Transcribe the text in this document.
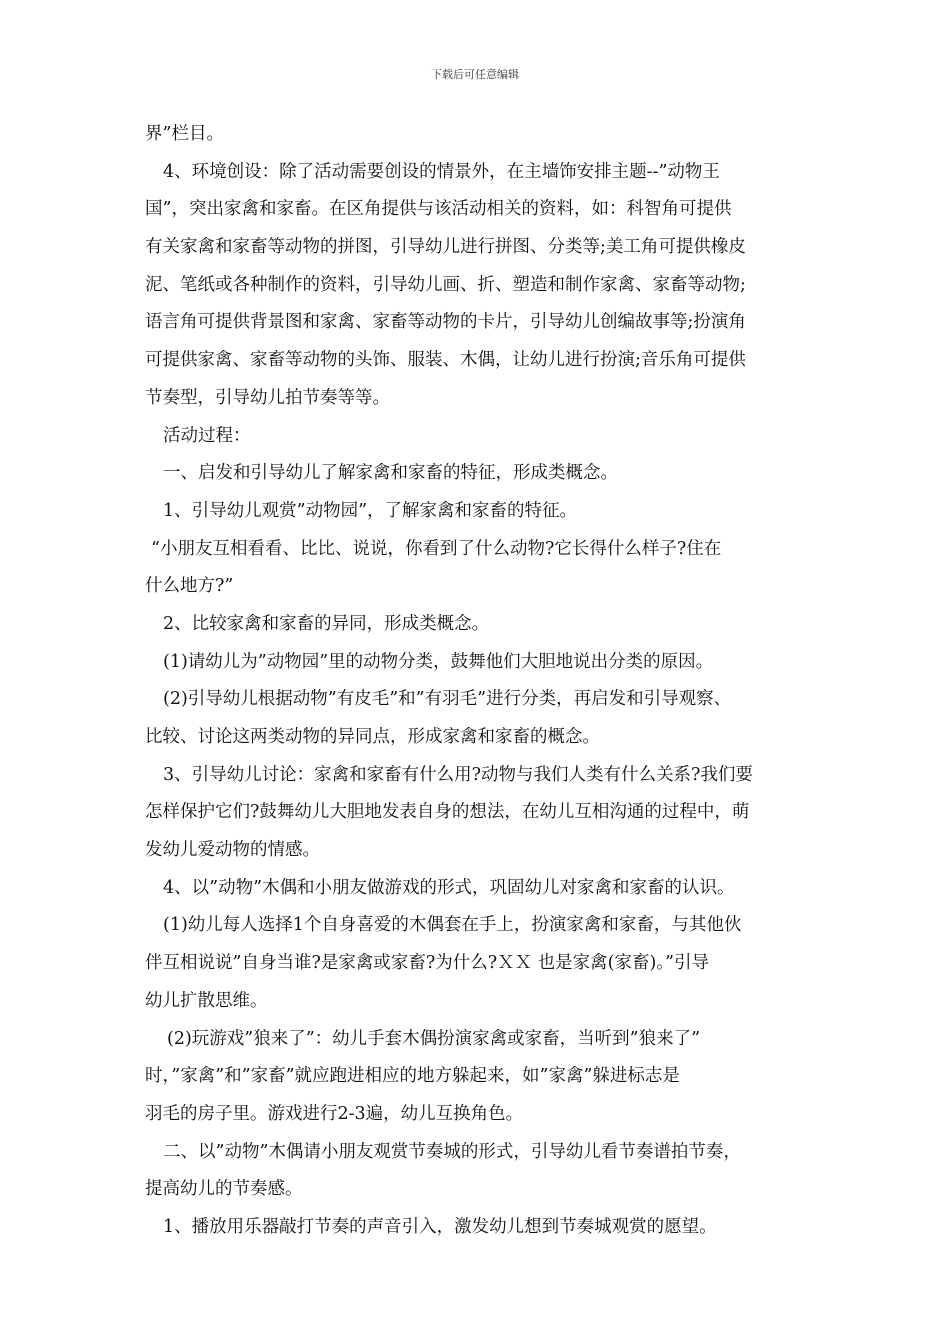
下载后可任意编辑
界”栏目。
4、环境创设：除了活动需要创设的情景外，在主墙饰安排主题--”动物王
国”，突出家禽和家畜。在区角提供与该活动相关的资料，如：科智角可提供
有关家禽和家畜等动物的拼图，引导幼儿进行拼图、分类等;美工角可提供橡皮
泥、笔纸或各种制作的资料，引导幼儿画、折、塑造和制作家禽、家畜等动物;
语言角可提供背景图和家禽、家畜等动物的卡片，引导幼儿创编故事等;扮演角
可提供家禽、家畜等动物的头饰、服装、木偶，让幼儿进行扮演;音乐角可提供
节奏型，引导幼儿拍节奏等等。
活动过程：
一、启发和引导幼儿了解家禽和家畜的特征，形成类概念。
1、引导幼儿观赏”动物园”，了解家禽和家畜的特征。
“小朋友互相看看、比比、说说，你看到了什么动物?它长得什么样子?住在
什么地方?”
2、比较家禽和家畜的异同，形成类概念。
(1)请幼儿为”动物园”里的动物分类，鼓舞他们大胆地说出分类的原因。
(2)引导幼儿根据动物”有皮毛”和”有羽毛”进行分类，再启发和引导观察、
比较、讨论这两类动物的异同点，形成家禽和家畜的概念。
3、引导幼儿讨论：家禽和家畜有什么用?动物与我们人类有什么关系?我们要
怎样保护它们?鼓舞幼儿大胆地发表自身的想法，在幼儿互相沟通的过程中，萌
发幼儿爱动物的情感。
4、以”动物”木偶和小朋友做游戏的形式，巩固幼儿对家禽和家畜的认识。
(1)幼儿每人选择1个自身喜爱的木偶套在手上，扮演家禽和家畜，与其他伙
伴互相说说”自身当谁?是家禽或家畜?为什么?ＸＸ 也是家禽(家畜)。”引导
幼儿扩散思维。
(2)玩游戏”狼来了”：幼儿手套木偶扮演家禽或家畜，当听到”狼来了”
时，”家禽”和”家畜”就应跑进相应的地方躲起来，如”家禽”躲进标志是
羽毛的房子里。游戏进行2-3遍，幼儿互换角色。
二、以”动物”木偶请小朋友观赏节奏城的形式，引导幼儿看节奏谱拍节奏，
提高幼儿的节奏感。
1、播放用乐器敲打节奏的声音引入，激发幼儿想到节奏城观赏的愿望。
